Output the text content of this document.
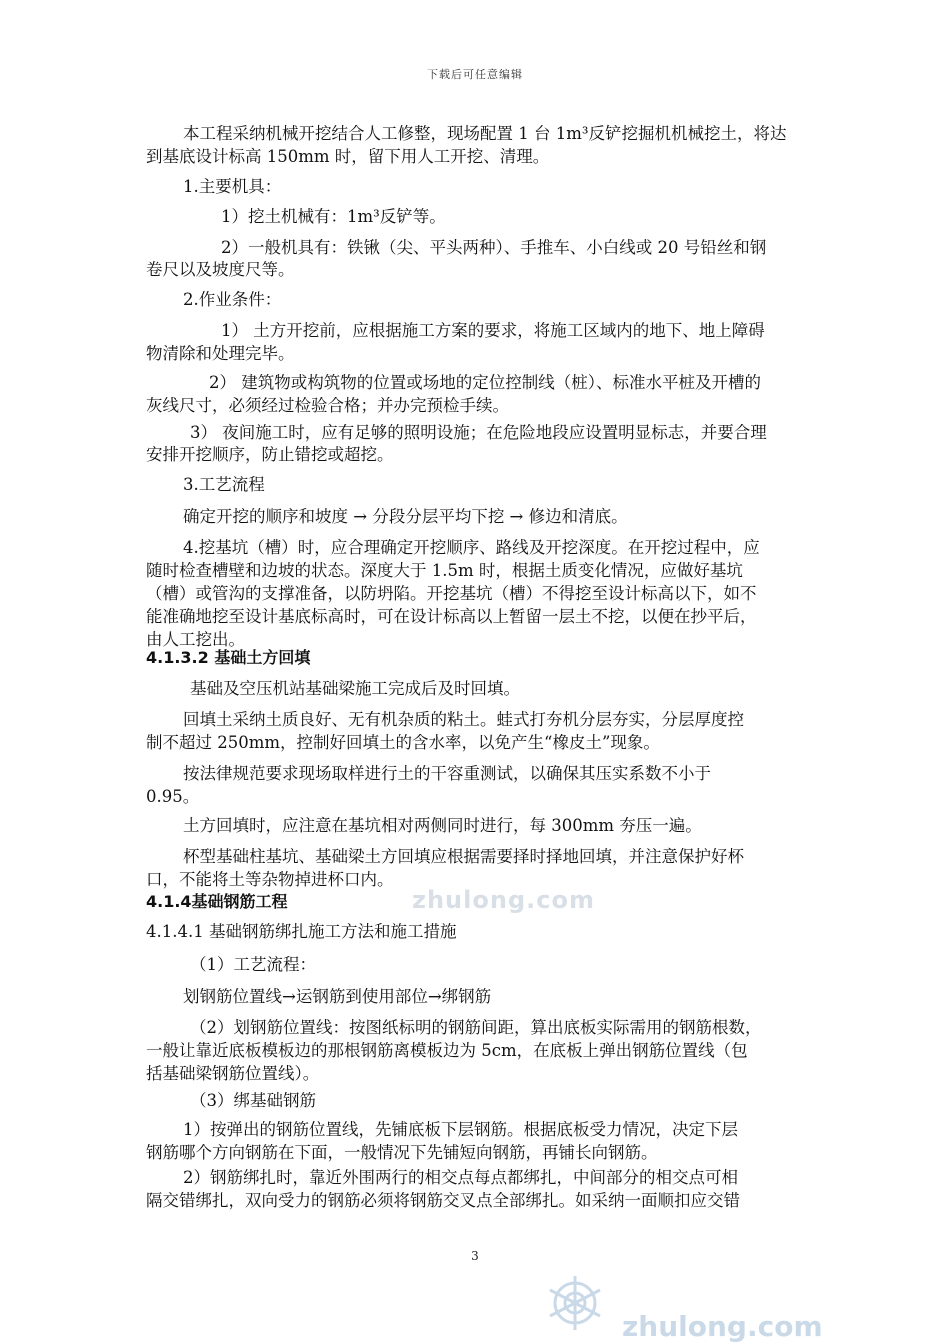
下载后可任意编辑
本工程采纳机械开挖结合人工修整，现场配置 1 台 1m³反铲挖掘机机械挖土，将达
到基底设计标高 150mm 时，留下用人工开挖、清理。
1.主要机具：
1）挖土机械有：1m³反铲等。
2）一般机具有：铁锹（尖、平头两种）、手推车、小白线或 20 号铅丝和钢
卷尺以及坡度尺等。
2.作业条件：
1） 土方开挖前，应根据施工方案的要求，将施工区域内的地下、地上障碍
物清除和处理完毕。
2） 建筑物或构筑物的位置或场地的定位控制线（桩）、标准水平桩及开槽的
灰线尺寸，必须经过检验合格；并办完预检手续。
3） 夜间施工时，应有足够的照明设施；在危险地段应设置明显标志，并要合理
安排开挖顺序，防止错挖或超挖。
3.工艺流程
确定开挖的顺序和坡度 → 分段分层平均下挖 → 修边和清底。
4.挖基坑（槽）时，应合理确定开挖顺序、路线及开挖深度。在开挖过程中，应
随时检查槽壁和边坡的状态。深度大于 1.5m 时，根据土质变化情况，应做好基坑
（槽）或管沟的支撑准备，以防坍陷。开挖基坑（槽）不得挖至设计标高以下，如不
能准确地挖至设计基底标高时，可在设计标高以上暂留一层土不挖，以便在抄平后，
由人工挖出。
4.1.3.2 基础土方回填
基础及空压机站基础梁施工完成后及时回填。
回填土采纳土质良好、无有机杂质的粘土。蛙式打夯机分层夯实，分层厚度控
制不超过 250mm，控制好回填土的含水率，以免产生“橡皮土”现象。
按法律规范要求现场取样进行土的干容重测试，以确保其压实系数不小于
0.95。
土方回填时，应注意在基坑相对两侧同时进行，每 300mm 夯压一遍。
杯型基础柱基坑、基础梁土方回填应根据需要择时择地回填，并注意保护好杯
口，不能将土等杂物掉进杯口内。
4.1.4基础钢筋工程
4.1.4.1 基础钢筋绑扎施工方法和施工措施
（1）工艺流程：
划钢筋位置线→运钢筋到使用部位→绑钢筋
（2）划钢筋位置线：按图纸标明的钢筋间距，算出底板实际需用的钢筋根数，
一般让靠近底板模板边的那根钢筋离模板边为 5cm，在底板上弹出钢筋位置线（包
括基础梁钢筋位置线）。
（3）绑基础钢筋
1）按弹出的钢筋位置线，先铺底板下层钢筋。根据底板受力情况，决定下层
钢筋哪个方向钢筋在下面，一般情况下先铺短向钢筋，再铺长向钢筋。
2）钢筋绑扎时，靠近外围两行的相交点每点都绑扎，中间部分的相交点可相
隔交错绑扎，双向受力的钢筋必须将钢筋交叉点全部绑扎。如采纳一面顺扣应交错
3
zhulong.com
zhulong.com
